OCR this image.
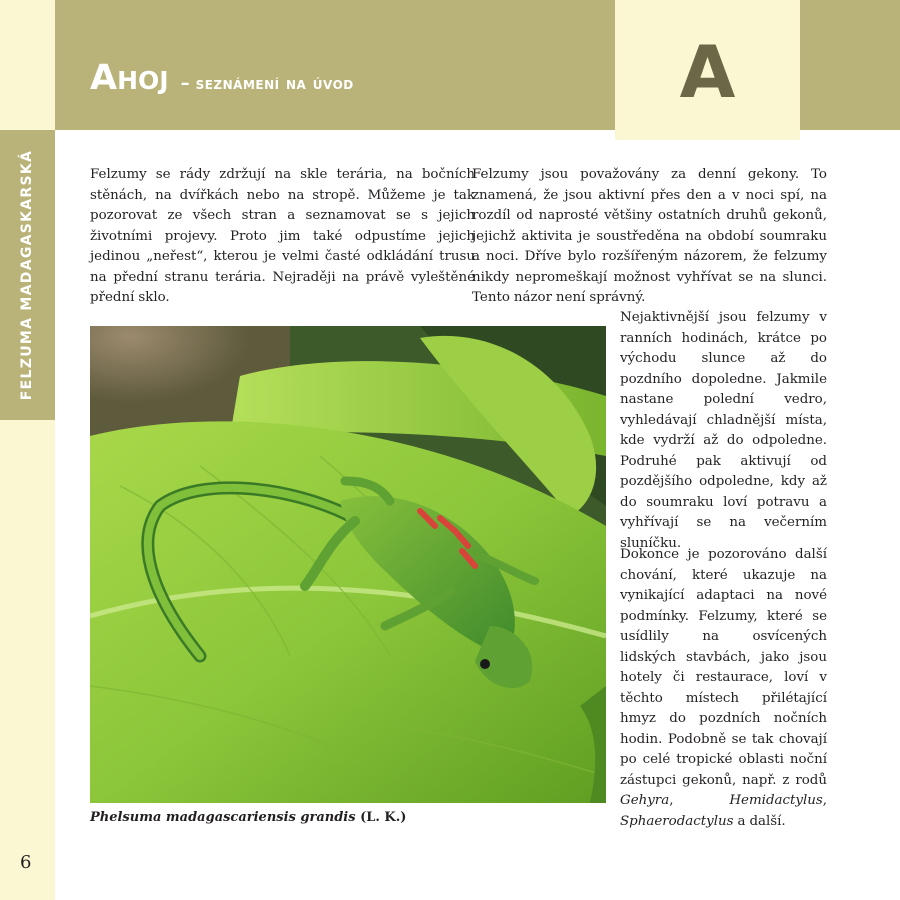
FELZUMA MADAGASKARSKÁ
Ahoj – seznámení na úvod	A

Felzumy se rády zdržují na skle terária, na bočních stěnách, na dvířkách nebo na stropě. Můžeme je tak pozorovat ze všech stran a seznamovat se s jejich životními projevy. Proto jim také odpustíme jejich jedinou „neřest“, kterou je velmi časté odkládání trusu na přední stranu terária. Nejraději na právě vyleštěné přední sklo.

Felzumy jsou považovány za denní gekony. To znamená, že jsou aktivní přes den a v noci spí, na rozdíl od naprosté většiny ostatních druhů gekonů, jejichž aktivita je soustředěna na období soumraku a noci. Dříve bylo rozšířeným názorem, že felzumy nikdy nepromeškají možnost vyhřívat se na slunci. Tento názor není správný.

Nejaktivnější jsou felzumy v ranních hodinách, krátce po východu slunce až do pozdního dopoledne. Jakmile nastane polední vedro, vyhledávají chladnější místa, kde vydrží až do odpoledne. Podruhé pak aktivují od pozdějšího odpoledne, kdy až do soumraku loví potravu a vyhřívají se na večerním sluníčku.

Dokonce je pozorováno další chování, které ukazuje na vynikající adaptaci na nové podmínky. Felzumy, které se usídlily na osvícených lidských stavbách, jako jsou hotely či restaurace, loví v těchto místech přilétající hmyz do pozdních nočních hodin. Podobně se tak chovají po celé tropické oblasti noční zástupci gekonů, např. z rodů Gehyra,	Hemidactylus, Sphaerodactylus a další.

Phelsuma madagascariensis grandis (L. K.)
6
